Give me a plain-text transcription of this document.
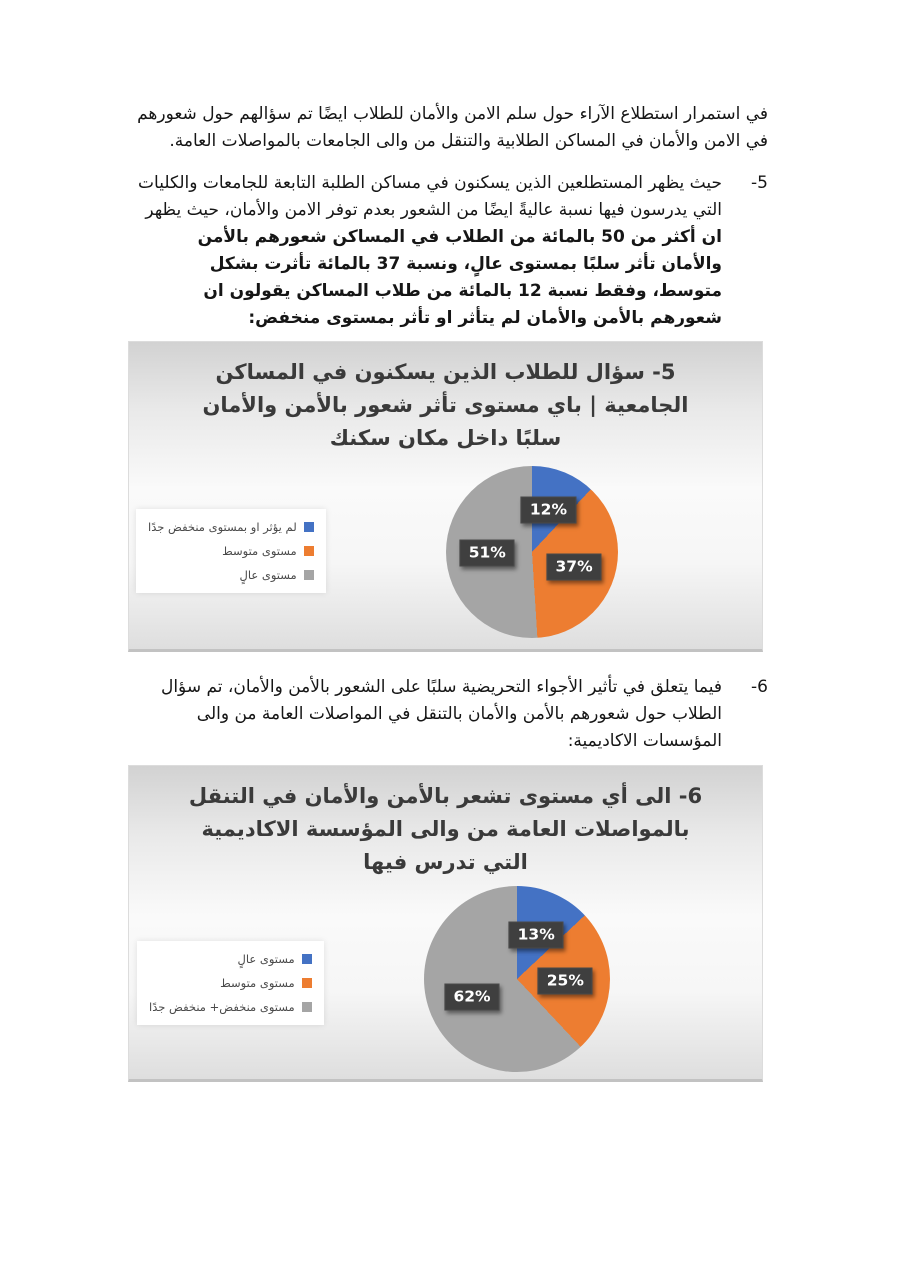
في استمرار استطلاع الآراء حول سلم الامن والأمان للطلاب ايضًا تم سؤالهم حول شعورهم في الامن والأمان في المساكن الطلابية والتنقل من والى الجامعات بالمواصلات العامة.

5-
حيث يظهر المستطلعين الذين يسكنون في مساكن الطلبة التابعة للجامعات والكليات التي يدرسون فيها نسبة عاليةً ايضًا من الشعور بعدم توفر الامن والأمان، حيث يظهر ان أكثر من 50 بالمائة من الطلاب في المساكن شعورهم بالأمن والأمان تأثر سلبًا بمستوى عالٍ، ونسبة 37 بالمائة تأثرت بشكل متوسط، وفقط نسبة 12 بالمائة من طلاب المساكن يقولون ان شعورهم بالأمن والأمان لم يتأثر او تأثر بمستوى منخفض:
5- سؤال للطلاب الذين يسكنون في المساكن الجامعية | باي مستوى تأثر شعور بالأمن والأمان سلبًا داخل مكان سكنك
لم يؤثر او بمستوى منخفض جدًا
مستوى متوسط
مستوى عالٍ
12%
37%
51%
6-
فيما يتعلق في تأثير الأجواء التحريضية سلبًا على الشعور بالأمن والأمان، تم سؤال الطلاب حول شعورهم بالأمن والأمان بالتنقل في المواصلات العامة من والى المؤسسات الاكاديمية:
6- الى أي مستوى تشعر بالأمن والأمان في التنقل بالمواصلات العامة من والى المؤسسة الاكاديمية التي تدرس فيها
مستوى عالٍ
مستوى متوسط
مستوى منخفض+ منخفض جدًا
13%
25%
62%
